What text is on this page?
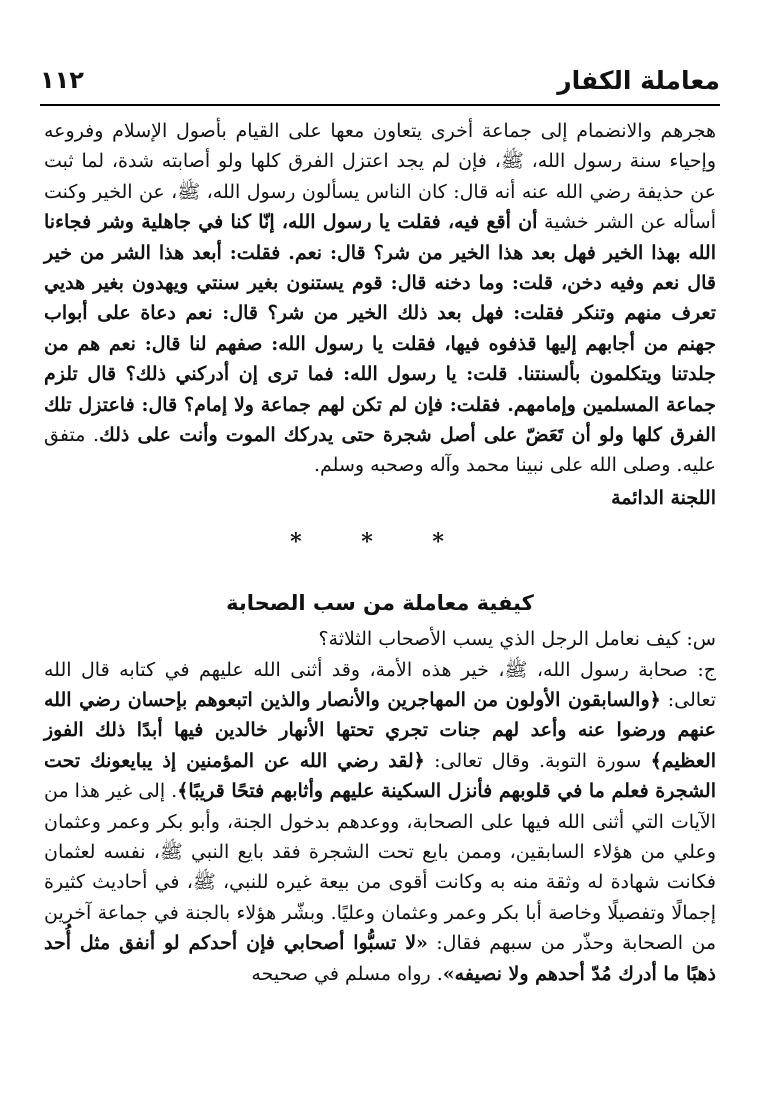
معاملة الكفار
١١٢

هجرهم والانضمام إلى جماعة أخرى يتعاون معها على القيام بأصول الإسلام وفروعه وإحياء سنة رسول الله، ﷺ، فإن لم يجد اعتزل الفرق كلها ولو أصابته شدة، لما ثبت عن حذيفة رضي الله عنه أنه قال: كان الناس يسألون رسول الله، ﷺ، عن الخير وكنت أسأله عن الشر خشية أن أقع فيه، فقلت يا رسول الله، إنّا كنا في جاهلية وشر فجاءنا الله بهذا الخير فهل بعد هذا الخير من شر؟ قال: نعم. فقلت: أبعد هذا الشر من خير قال نعم وفيه دخن، قلت: وما دخنه قال: قوم يستنون بغير سنتي ويهدون بغير هديي تعرف منهم وتنكر فقلت: فهل بعد ذلك الخير من شر؟ قال: نعم دعاة على أبواب جهنم من أجابهم إليها قذفوه فيها، فقلت يا رسول الله: صفهم لنا قال: نعم هم من جلدتنا ويتكلمون بألسنتنا. قلت: يا رسول الله: فما ترى إن أدركني ذلك؟ قال تلزم جماعة المسلمين وإمامهم. فقلت: فإن لم تكن لهم جماعة ولا إمام؟ قال: فاعتزل تلك الفرق كلها ولو أن تَعَضّ على أصل شجرة حتى يدركك الموت وأنت على ذلك. متفق عليه. وصلى الله على نبينا محمد وآله وصحبه وسلم.

اللجنة الدائمة

* * *

كيفية معاملة من سب الصحابة

س: كيف نعامل الرجل الذي يسب الأصحاب الثلاثة؟

ج: صحابة رسول الله، ﷺ، خير هذه الأمة، وقد أثنى الله عليهم في كتابه قال الله تعالى: ﴿والسابقون الأولون من المهاجرين والأنصار والذين اتبعوهم بإحسان رضي الله عنهم ورضوا عنه وأعد لهم جنات تجري تحتها الأنهار خالدين فيها أبدًا ذلك الفوز العظيم﴾ سورة التوبة. وقال تعالى: ﴿لقد رضي الله عن المؤمنين إذ يبايعونك تحت الشجرة فعلم ما في قلوبهم فأنزل السكينة عليهم وأثابهم فتحًا قريبًا﴾. إلى غير هذا من الآيات التي أثنى الله فيها على الصحابة، ووعدهم بدخول الجنة، وأبو بكر وعمر وعثمان وعلي من هؤلاء السابقين، وممن بايع تحت الشجرة فقد بايع النبي ﷺ، نفسه لعثمان فكانت شهادة له وثقة منه به وكانت أقوى من بيعة غيره للنبي، ﷺ، في أحاديث كثيرة إجمالًا وتفصيلًا وخاصة أبا بكر وعمر وعثمان وعليًا. وبشّر هؤلاء بالجنة في جماعة آخرين من الصحابة وحذّر من سبهم فقال: «لا تسبُّوا أصحابي فإن أحدكم لو أنفق مثل أُحد ذهبًا ما أدرك مُدّ أحدهم ولا نصيفه». رواه مسلم في صحيحه
